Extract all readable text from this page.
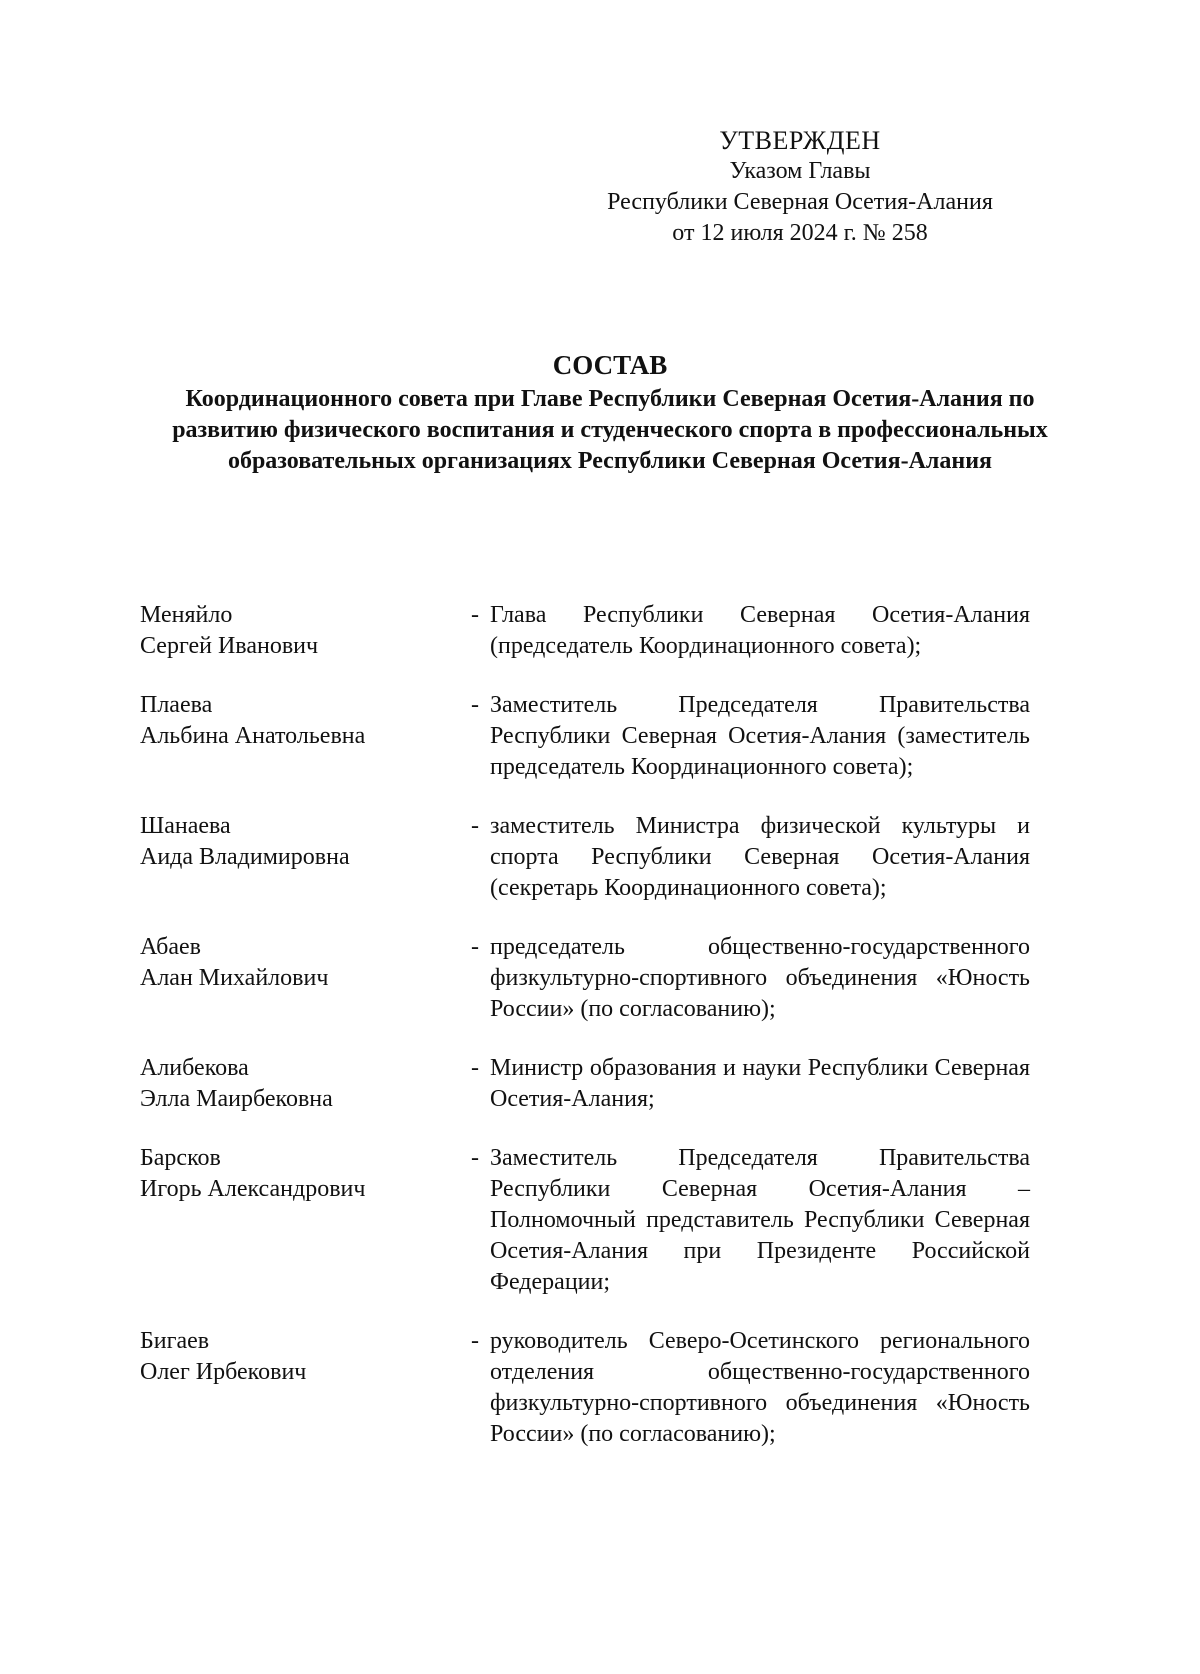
УТВЕРЖДЕН
Указом Главы
Республики Северная Осетия-Алания
от 12 июля 2024 г. № 258
СОСТАВ
Координационного совета при Главе Республики Северная Осетия-Алания по развитию физического воспитания и студенческого спорта в профессиональных образовательных организациях Республики Северная Осетия-Алания
Меняйло
Сергей Иванович
- Глава Республики Северная Осетия-Алания (председатель Координационного совета);
Плаева
Альбина Анатольевна
- Заместитель Председателя Правительства Республики Северная Осетия-Алания (заместитель председатель Координационного совета);
Шанаева
Аида Владимировна
- заместитель Министра физической культуры и спорта Республики Северная Осетия-Алания (секретарь Координационного совета);
Абаев
Алан Михайлович
- председатель общественно-государственного физкультурно-спортивного объединения «Юность России» (по согласованию);
Алибекова
Элла Маирбековна
- Министр образования и науки Республики Северная Осетия-Алания;
Барсков
Игорь Александрович
- Заместитель Председателя Правительства Республики Северная Осетия-Алания – Полномочный представитель Республики Северная Осетия-Алания при Президенте Российской Федерации;
Бигаев
Олег Ирбекович
- руководитель Северо-Осетинского регионального отделения общественно-государственного физкультурно-спортивного объединения «Юность России» (по согласованию);
